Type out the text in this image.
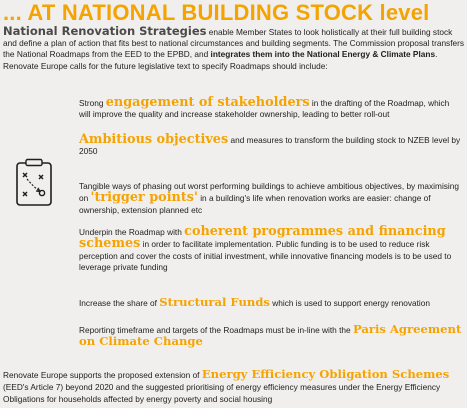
... AT NATIONAL BUILDING STOCK level

National Renovation Strategies enable Member States to look holistically at their full building stock and define a plan of action that fits best to national circumstances and building segments. The Commission proposal transfers the National Roadmaps from the EED to the EPBD, and integrates them into the National Energy & Climate Plans. Renovate Europe calls for the future legislative text to specify Roadmaps should include:

Strong engagement of stakeholders in the drafting of the Roadmap, which will improve the quality and increase stakeholder ownership, leading to better roll-out

Ambitious objectives and measures to transform the building stock to NZEB level by 2050

Tangible ways of phasing out worst performing buildings to achieve ambitious objectives, by maximising on 'trigger points' in a building's life when renovation works are easier: change of ownership, extension planned etc

Underpin the Roadmap with coherent programmes and financing schemes in order to facilitate implementation. Public funding is to be used to reduce risk perception and cover the costs of initial investment, while innovative financing models is to be used to leverage private funding

Increase the share of Structural Funds which is used to support energy renovation

Reporting timeframe and targets of the Roadmaps must be in-line with the Paris Agreement on Climate Change

Renovate Europe supports the proposed extension of Energy Efficiency Obligation Schemes (EED's Article 7) beyond 2020 and the suggested prioritising of energy efficiency measures under the Energy Efficiency Obligations for households affected by energy poverty and social housing
